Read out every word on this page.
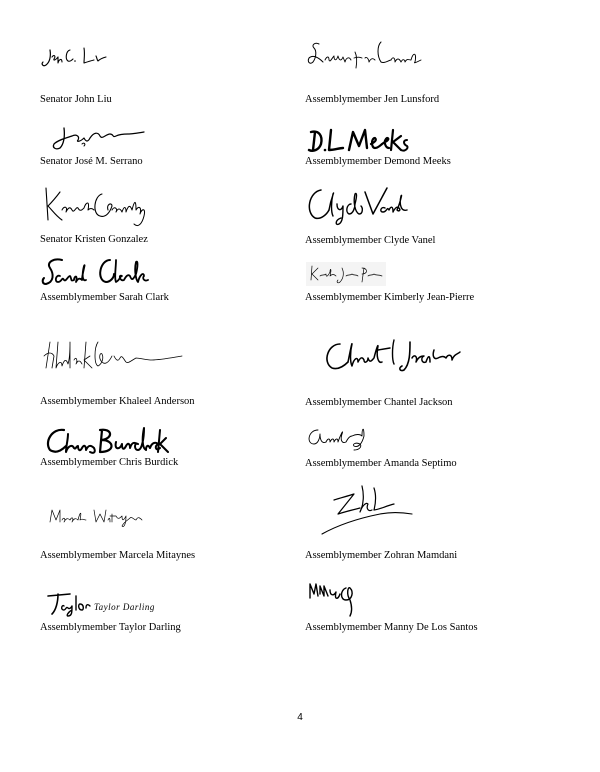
Senator John Liu	Assemblymember Jen Lunsford
Senator José M. Serrano	Assemblymember Demond Meeks
Senator Kristen Gonzalez	Assemblymember Clyde Vanel
Assemblymember Sarah Clark	Assemblymember Kimberly Jean-Pierre
Assemblymember Khaleel Anderson	Assemblymember Chantel Jackson
Assemblymember Chris Burdick	Assemblymember Amanda Septimo
Assemblymember Marcela Mitaynes	Assemblymember Zohran Mamdani
Taylor Darling
Assemblymember Taylor Darling	Assemblymember Manny De Los Santos
4
